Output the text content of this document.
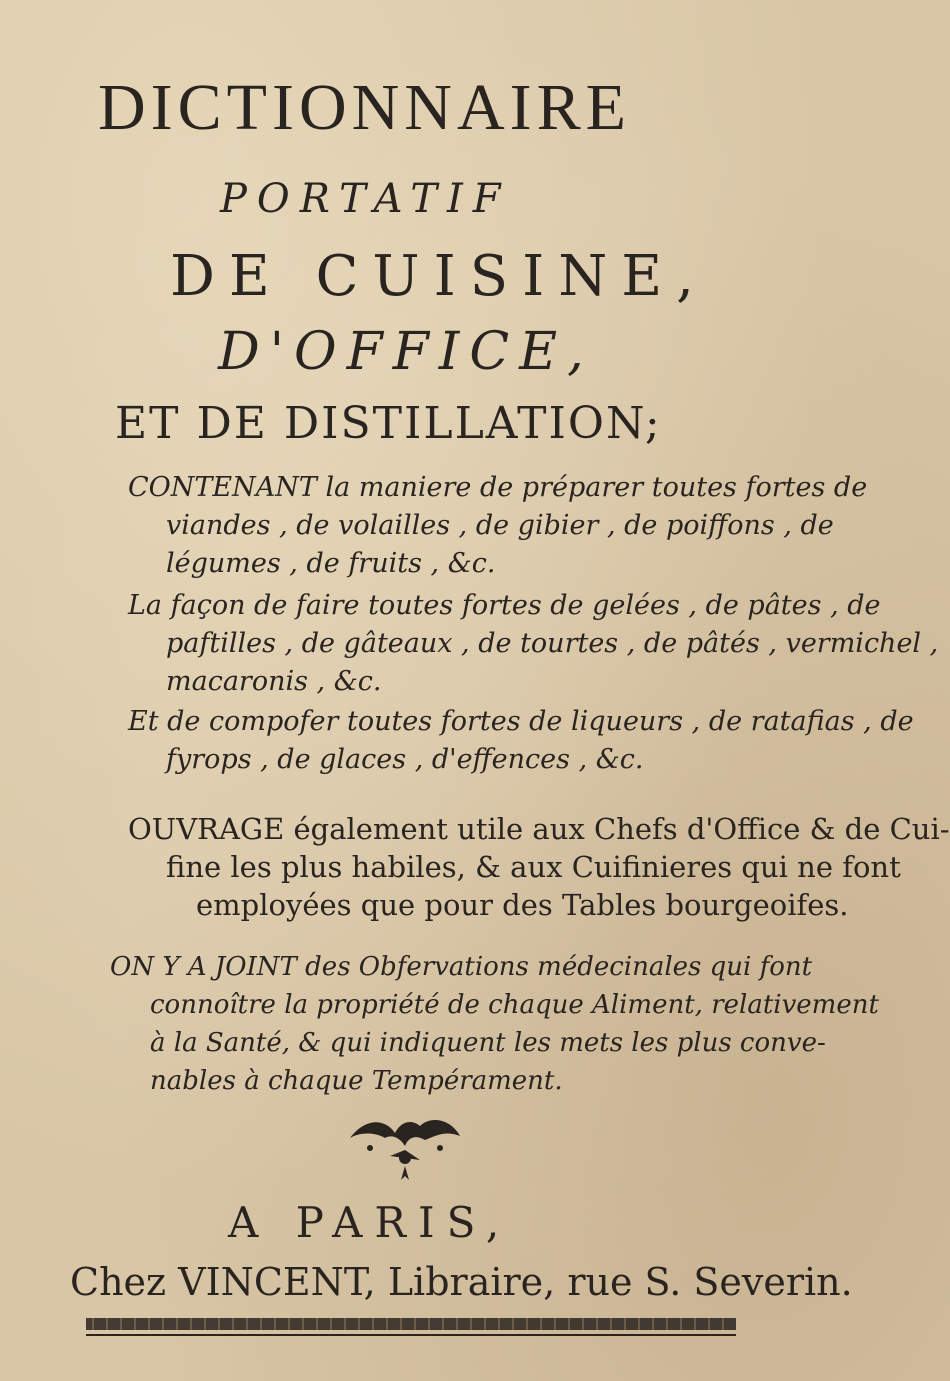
DICTIONNAIRE
PORTATIF
DE CUISINE,
D'OFFICE,
ET DE DISTILLATION;
CONTENANT la maniere de préparer toutes fortes de
viandes , de volailles , de gibier , de poiffons , de
légumes , de fruits , &c.
La façon de faire toutes fortes de gelées , de pâtes , de
paftilles , de gâteaux , de tourtes , de pâtés , vermichel ,
macaronis , &c.
Et de compofer toutes fortes de liqueurs , de ratafias , de
fyrops , de glaces , d'effences , &c.
OUVRAGE également utile aux Chefs d'Office & de Cui-
fine les plus habiles, & aux Cuifinieres qui ne font
employées que pour des Tables bourgeoifes.
ON Y A JOINT des Obfervations médecinales qui font
connoître la propriété de chaque Aliment, relativement
à la Santé, & qui indiquent les mets les plus conve-
nables à chaque Tempérament.
A PARIS,
Chez VINCENT, Libraire, rue S. Severin.
